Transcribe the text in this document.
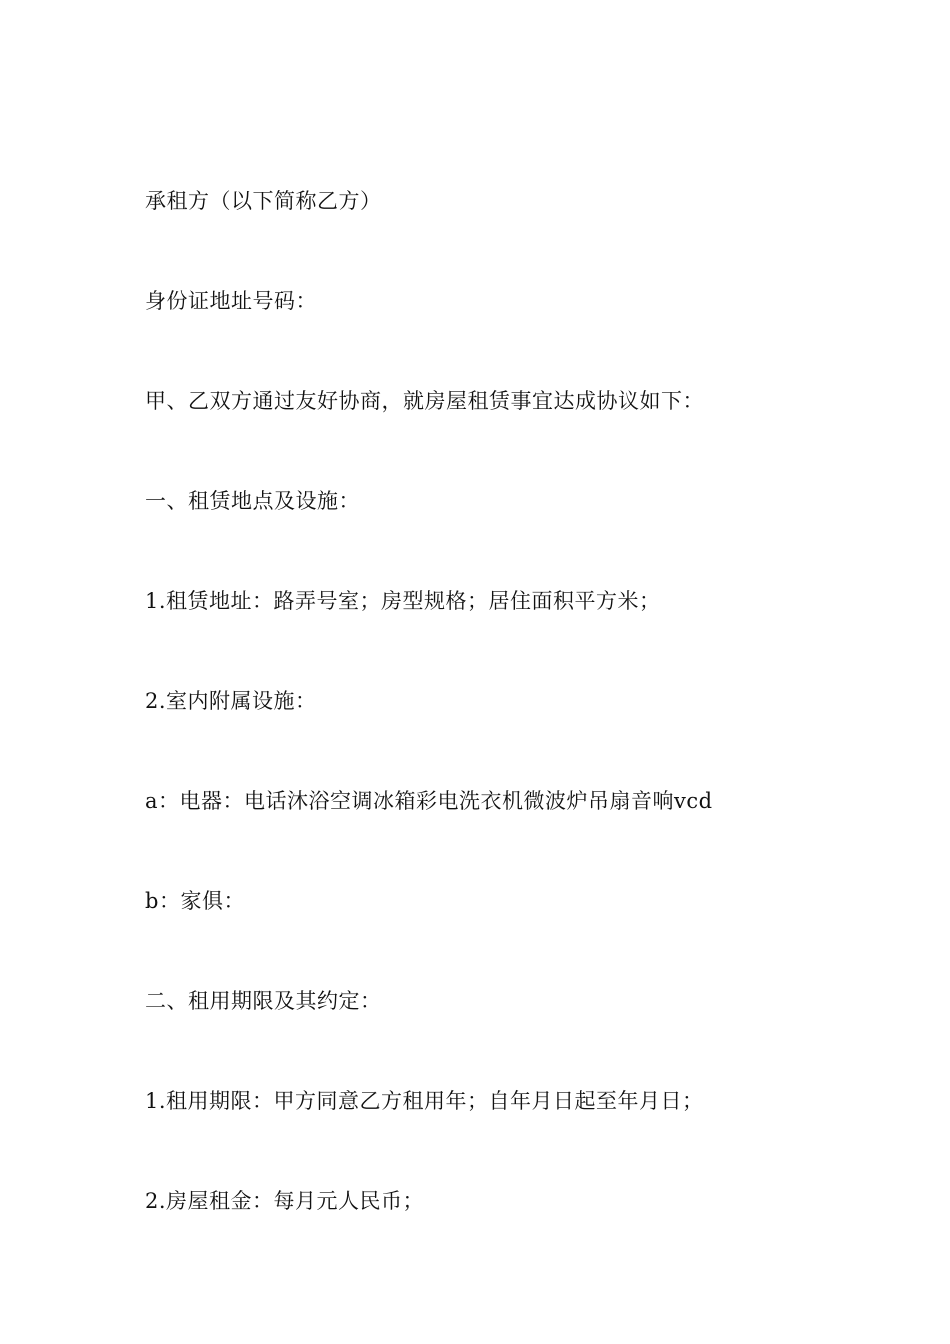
承租方（以下简称乙方）
身份证地址号码：
甲、乙双方通过友好协商，就房屋租赁事宜达成协议如下：
一、租赁地点及设施：
1.租赁地址：路弄号室；房型规格；居住面积平方米；
2.室内附属设施：
a：电器：电话沐浴空调冰箱彩电洗衣机微波炉吊扇音响vcd
b：家俱：
二、租用期限及其约定：
1.租用期限：甲方同意乙方租用年；自年月日起至年月日；
2.房屋租金：每月元人民币；
